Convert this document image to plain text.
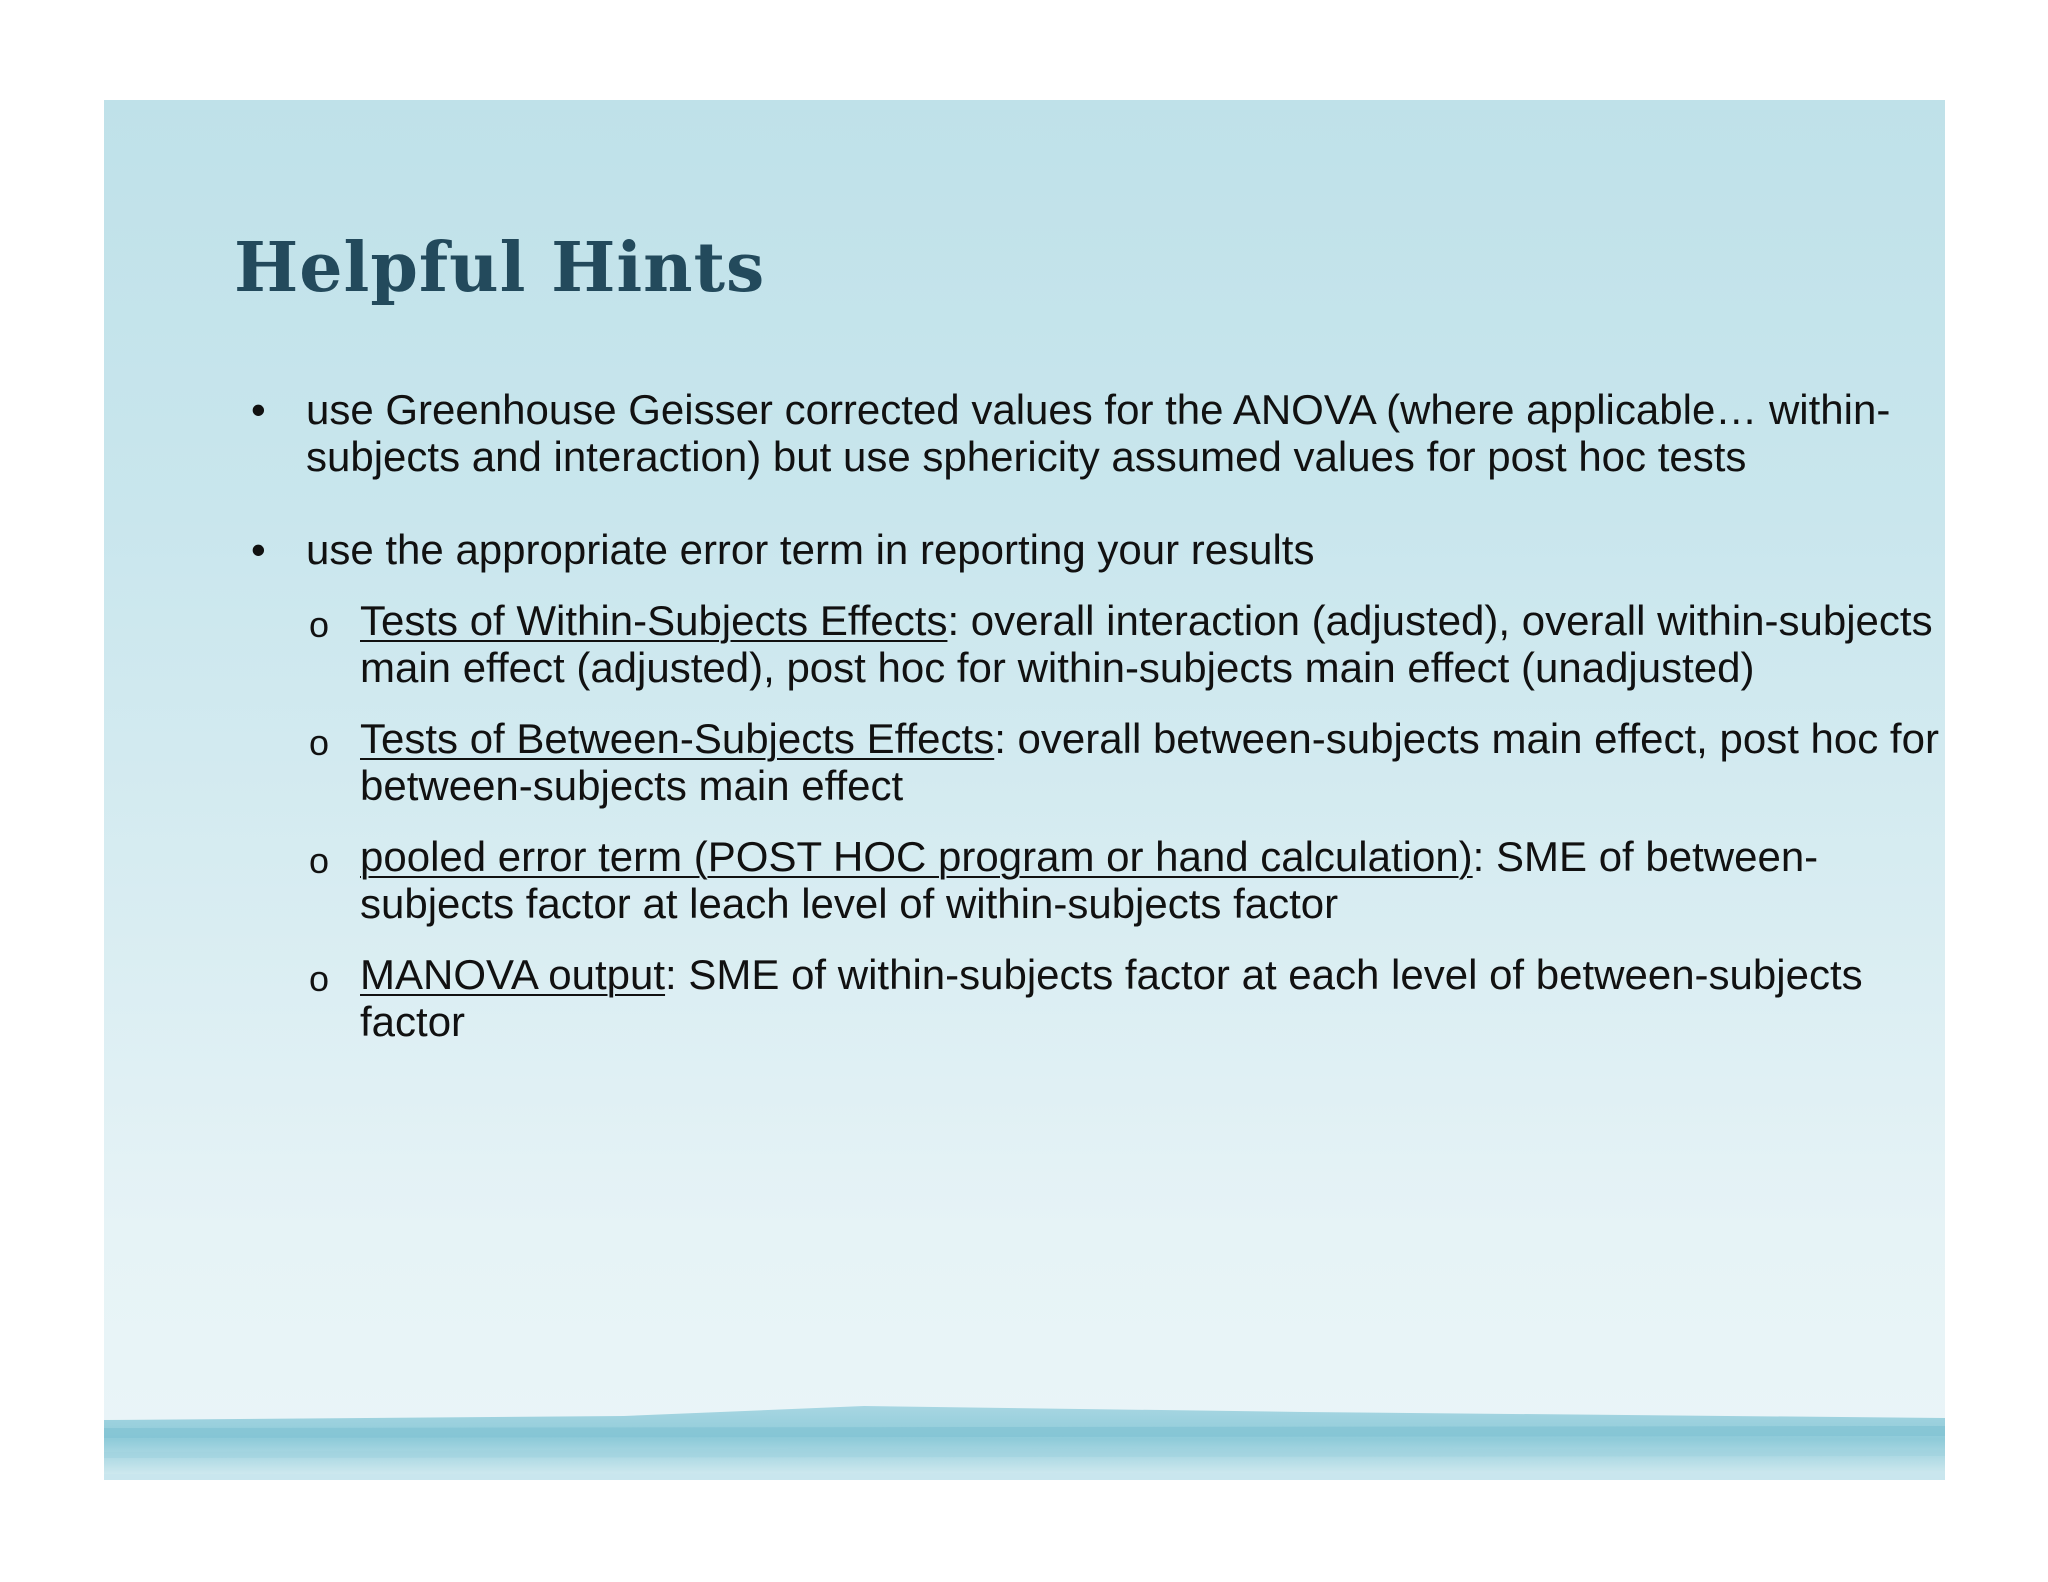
Helpful Hints
• use Greenhouse Geisser corrected values for the ANOVA (where applicable… within-subjects and interaction) but use sphericity assumed values for post hoc tests
• use the appropriate error term in reporting your results
o Tests of Within-Subjects Effects: overall interaction (adjusted), overall within-subjects main effect (adjusted), post hoc for within-subjects main effect (unadjusted)
o Tests of Between-Subjects Effects: overall between-subjects main effect, post hoc for between-subjects main effect
o pooled error term (POST HOC program or hand calculation): SME of between-subjects factor at leach level of within-subjects factor
o MANOVA output: SME of within-subjects factor at each level of between-subjects factor
